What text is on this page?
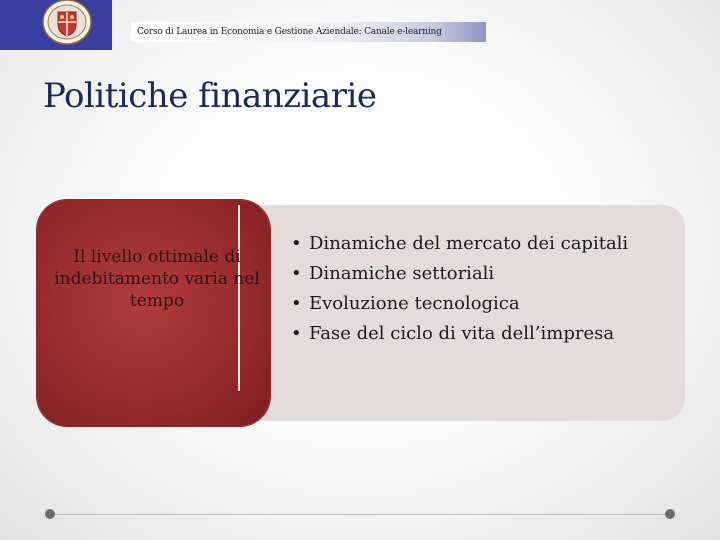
Corso di Laurea in Economia e Gestione Aziendale: Canale e-learning
Politiche finanziarie
Il livello ottimale di indebitamento varia nel tempo
• Dinamiche del mercato dei capitali
• Dinamiche settoriali
• Evoluzione tecnologica
• Fase del ciclo di vita dell’impresa
